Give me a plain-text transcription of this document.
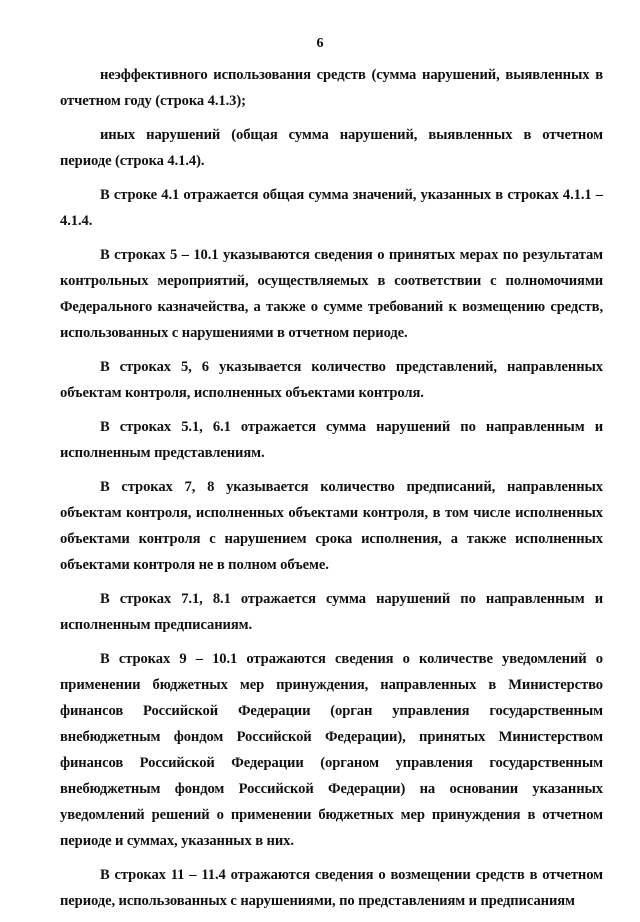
6

неэффективного использования средств (сумма нарушений, выявленных в отчетном году (строка 4.1.3);

иных нарушений (общая сумма нарушений, выявленных в отчетном периоде (строка 4.1.4).

В строке 4.1 отражается общая сумма значений, указанных в строках 4.1.1 – 4.1.4.

В строках 5 – 10.1 указываются сведения о принятых мерах по результатам контрольных мероприятий, осуществляемых в соответствии с полномочиями Федерального казначейства, а также о сумме требований к возмещению средств, использованных с нарушениями в отчетном периоде.

В строках 5, 6 указывается количество представлений, направленных объектам контроля, исполненных объектами контроля.

В строках 5.1, 6.1 отражается сумма нарушений по направленным и исполненным представлениям.

В строках 7, 8 указывается количество предписаний, направленных объектам контроля, исполненных объектами контроля, в том числе исполненных объектами контроля с нарушением срока исполнения, а также исполненных объектами контроля не в полном объеме.

В строках 7.1, 8.1 отражается сумма нарушений по направленным и исполненным предписаниям.

В строках 9 – 10.1 отражаются сведения о количестве уведомлений о применении бюджетных мер принуждения, направленных в Министерство финансов Российской Федерации (орган управления государственным внебюджетным фондом Российской Федерации), принятых Министерством финансов Российской Федерации (органом управления государственным внебюджетным фондом Российской Федерации) на основании указанных уведомлений решений о применении бюджетных мер принуждения в отчетном периоде и суммах, указанных в них.

В строках 11 – 11.4 отражаются сведения о возмещении средств в отчетном периоде, использованных с нарушениями, по представлениям и предписаниям
